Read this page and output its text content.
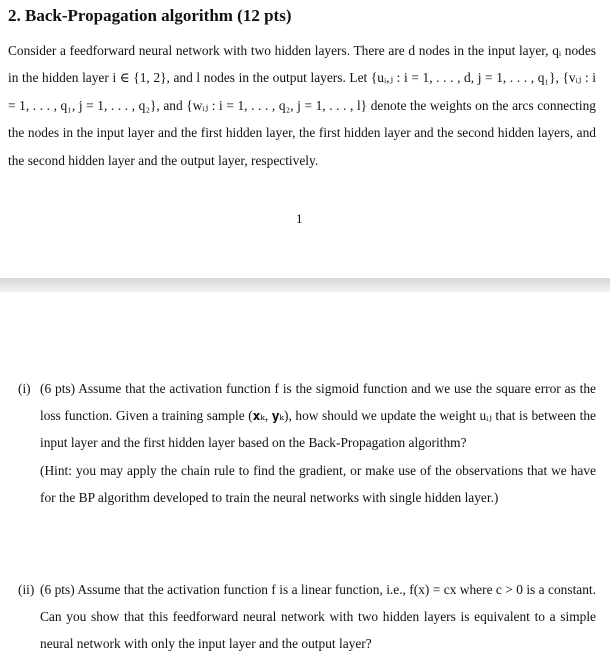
2. Back-Propagation algorithm (12 pts)

Consider a feedforward neural network with two hidden layers. There are d nodes in the input layer, qᵢ nodes in the hidden layer i ∈ {1, 2}, and l nodes in the output layers. Let {uᵢ,ⱼ : i = 1, . . . , d, j = 1, . . . , q₁}, {vᵢⱼ : i = 1, . . . , q₁, j = 1, . . . , q₂}, and {wᵢⱼ : i = 1, . . . , q₂, j = 1, . . . , l} denote the weights on the arcs connecting the nodes in the input layer and the first hidden layer, the first hidden layer and the second hidden layers, and the second hidden layer and the output layer, respectively.

1
(i) (6 pts) Assume that the activation function f is the sigmoid function and we use the square error as the loss function. Given a training sample (𝐱ₖ, 𝐲ₖ), how should we update the weight uᵢⱼ that is between the input layer and the first hidden layer based on the Back-Propagation algorithm?
(Hint: you may apply the chain rule to find the gradient, or make use of the observations that we have for the BP algorithm developed to train the neural networks with single hidden layer.)
(ii) (6 pts) Assume that the activation function f is a linear function, i.e., f(x) = cx where c > 0 is a constant. Can you show that this feedforward neural network with two hidden layers is equivalent to a simple neural network with only the input layer and the output layer?
